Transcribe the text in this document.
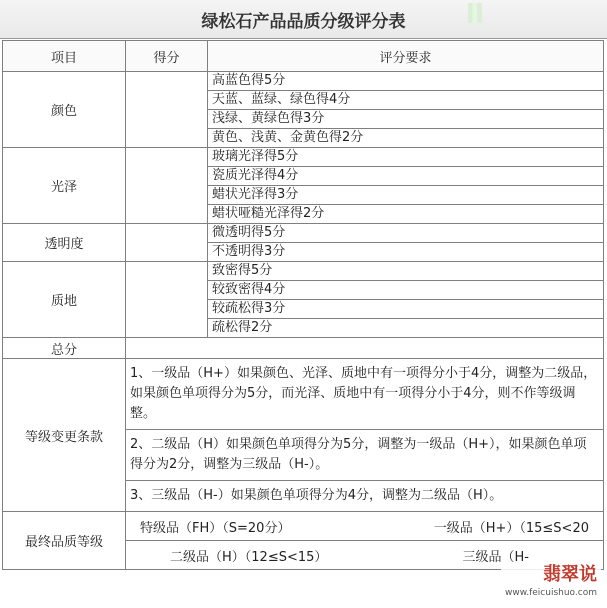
绿松石产品品质分级评分表
项目	得分	评分要求
颜色		高蓝色得5分
		天蓝、蓝绿、绿色得4分
		浅绿、黄绿色得3分
		黄色、浅黄、金黄色得2分
光泽		玻璃光泽得5分
		瓷质光泽得4分
		蜡状光泽得3分
		蜡状哑糙光泽得2分
透明度		微透明得5分
		不透明得3分
质地		致密得5分
		较致密得4分
		较疏松得3分
		疏松得2分
总分		
等级变更条款	1、一级品（H+）如果颜色、光泽、质地中有一项得分小于4分，调整为二级品，如果颜色单项得分为5分，而光泽、质地中有一项得分小于4分，则不作等级调整。	
	2、二级品（H）如果颜色单项得分为5分，调整为一级品（H+），如果颜色单项得分为2分，调整为三级品（H-）。	
	3、三级品（H-）如果颜色单项得分为4分，调整为二级品（H）。	
最终品质等级	特级品（FH）（S=20分） 一级品（H+）（15≤S<20	

	二级品（H）（12≤S<15） 三级品（H-	
翡翠说
www.feicuishuo.com
